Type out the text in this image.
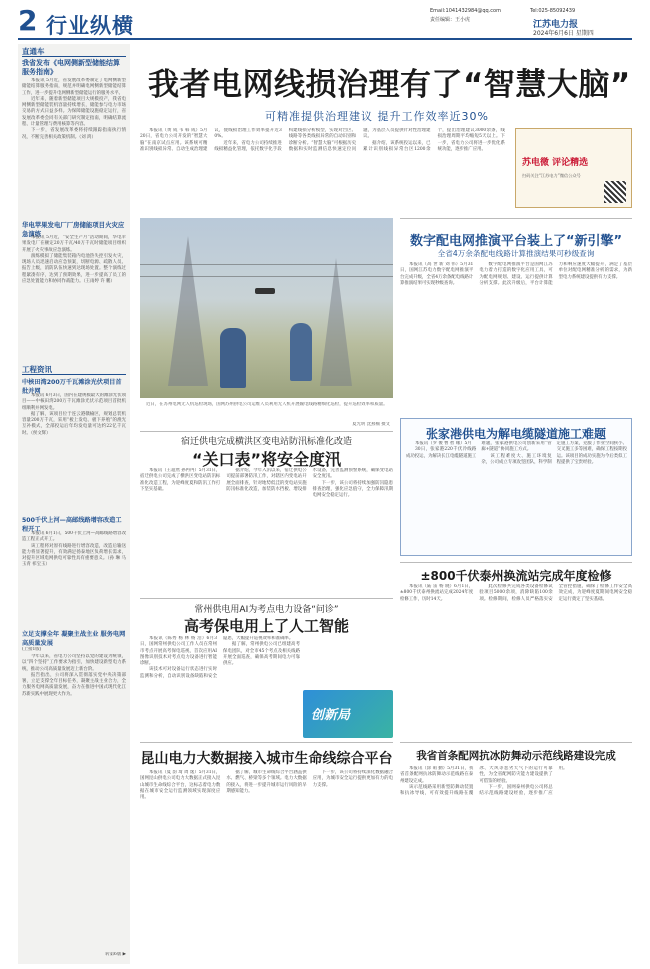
2 行业纵横
Email:1041432984@qq.com	Tel:025-85092439
责任编辑：王小虎	江苏电力报
2024年6月6日 星期四
直通车
我省发布《电网侧新型储能结算服务指南》

本报讯 5月近，省发展改革委制定了电网侧新型储能结算服务指南，规范并明确电网侧新型储能结算工作，进一步提升电网侧新型储能运行的服务水平。

近年来，随着新型储能项目大规模投产，我省电网侧新型储能装机容量持续增长，储能参与电力市场交易的方式日益多样。为保障储能设施稳定运行，省发展改革委会同有关部门研究制定指南，明确结算流程、计量管理与费用核算等内容。

下一步，省发展改革委将持续跟踪指南执行情况，不断完善相关政策机制。（刘 鸿）

华电苹果发电厂厂房储能项目火灾应急演练

本报讯 5月近，“安全生产月”活动期间，华电苹果发电厂在额定20万千瓦/40万千瓦时储能项目组织开展了火灾事故应急演练。

演练模拟了储能集装箱内电池热失控引发火灾，现场人员迅速启动应急预案，切断电源、疏散人员、报告上级，消防队伍快速到达现场处置。整个演练过程紧凑有序，达到了预期效果，进一步提高了员工的应急处置能力和协同作战能力。（王雨婷 许 鹏）

工程资讯
中核田湾200万千瓦滩涂光伏项目首批并网

本报讯 6月3日，国内在建规模最大的滩涂光伏项目——中核田湾200万千瓦滩涂光伏示范项目首批机组顺利并网发电。

据了解，该项目位于连云港赣榆区，规划总装机容量200万千瓦，采用“板上发电、板下养殖”的渔光互补模式，全部投运后年均发电量可达约22亿千瓦时。（侯文辉）

500千伏上河—高邮线路增容改造工程开工

本报讯 6月1日，500千伏上河—高邮线路增容改造工程正式开工。

该工程将对原有线路进行增容改造，改造后输送能力将显著提升，有效满足扬泰地区负荷增长需求，对提升区域电网供电可靠性具有重要意义。（孙 琳 马玉青 祁宝玉）

立足支撑全年 凝聚主战主业 服务电网高质量发展
(上接1版)

今年以来，省电力公司坚持以党的建设为统领，以“四个坚持”工作要求为指引，加快建设新型电力系统，推动公司高质量发展迈上新台阶。

报告指出，公司将深入贯彻落实党中央决策部署，立足支撑全年目标任务，凝聚主战主业合力，全力服务电网高质量发展，奋力在推进中国式现代化江苏新实践中展现更大作为。

转第6版 ▶
我者电网线损治理有了“智慧大脑”
可精准提供治理建议 提升工作效率近30%

本报讯（黄 成 韦 韩 成）5月20日，省电力公司开发的“智慧大脑”在南京试点应用。该系统可精准识别线损异常、自动生成治理建议，使线损治理工作效率提升近30%。

近年来，省电力公司持续推进线损精益化管理，依托数字化手段构建线损分析模型，实现对台区、线路等各类线损异常的自动识别和诊断分析。“智慧大脑”可根据历史数据和实时监测信息快速定位问题，为基层人员提供针对性治理建议。

据介绍，该系统投运以来，已累计识别线损异常台区1200余个，提出治理建议3000余条，线损治理周期平均缩短5天以上。下一步，省电力公司将进一步优化系统功能，逐步推广应用。

苏电微 评论精选
扫码关注“江苏电力”微信公众号
数字配电网推演平台装上了“新引擎”
全省4万余条配电线路计算推演结果可秒级查询

本报讯（高 世 新 刘 伟）5月31日，国网江苏电力数字配电网推演平台完成升级，全省4万余条配电线路计算推演结果可实现秒级查询。

数字配电网推演平台是国网江苏电力着力打造的数字化应用工具，可为配电网规划、建设、运行提供计算分析支撑。此次升级后，平台计算能力和响应速度大幅提升，满足了基层单位对配电网精准分析的需求，为新型电力系统建设提供有力支撑。

近日，在苏州电网无人机巡检现场，国网苏州供电公司运维人员利用无人机开展输电线路精细化巡检，提升巡检效率和质量。
夏光明 沈燕楠 摄文
宿迁供电完成横洪区变电站防汛标准化改造
“关口表”将安全度汛

本报讯（王超然 孙冉冉）5月31日，宿迁供电公司完成了横洪区变电站防汛标准化改造工程，为迎峰度夏和防汛工作打下坚实基础。

据介绍，今年入汛以来，宿迁供电公司提前部署防汛工作，对辖区内变电站开展全面排查，针对地势低洼的变电站实施防汛标准化改造，加装防水挡板、增设排水设备，完善监测预警系统，确保变电站安全度汛。

下一步，该公司将持续加强防汛隐患排查治理，强化应急值守，全力保障汛期电网安全稳定运行。

张家港供电为解电缆隧道施工难题

本报讯（罗 俊 曹 智 缘）5月

30日，张家港220千伏冷线路成功投运，为解决长江电缆隧道施工难题，张家港供电公司创新采用“管廊+隧道”协同施工方式。

该工程难度大、施工环境复杂，公司成立专项攻坚团队，科学制定施工方案，克服了作业空间狭小、交叉施工多等困难，确保工程按期投运。该项目的成功实施为今后类似工程提供了宝贵经验。

常州供电用AI为考点电力设备“问诊”
高考保电用上了人工智能

本报讯（陈秀 杨 林 杨 浩）6月3日，国网常州供电公司工作人员在常州市考点开展高考保电巡视，首次应用AI图像识别技术对考点电力设备进行智能诊断。

该技术可对设备运行状态进行实时监测和分析，自动识别设备缺陷和安全隐患，大幅提升巡视效率和准确率。

据了解，常州供电公司已组建高考保电团队，对全市45个考点及相关线路开展全面巡查，确保高考期间电力可靠供应。

创新局
±800千伏泰州换流站完成年度检修

本报讯（陆 雷 杨 晓）6月1日，±800千伏泰州换流站完成2024年度检修工作，历时14天。

此次检修共完成各类设备检修试验项目5000余项，消除缺陷100余项。检修期间，检修人员严格落实安全管控措施，确保了检修工作安全高效完成，为迎峰度夏期间电网安全稳定运行奠定了坚实基础。

昆山电力大数据接入城市生命线综合平台

本报讯（夏 韵 琦 周 逸）5月31日，国网昆山供电公司电力大数据正式接入昆山城市生命线综合平台，这标志着电力数据在城市安全运行监测领域实现深度应用。

据了解，城市生命线综合平台涵盖供水、燃气、桥梁等多个领域。电力大数据的接入，将进一步提升城市运行风险的早期感知能力。

下一步，该公司将持续深化数据融合应用，为城市安全运行提供更加有力的电力支撑。

我省首条配网抗冰防舞动示范线路建设完成

本报讯（涂 萌 勤）5月31日，我省首条配网抗冰防舞动示范线路在泰州建设完成。

该示范线路采用新型防舞动装置和抗冰导线，可有效提升线路在覆冰、大风等恶劣天气下的运行可靠性，为全省配网防灾能力建设提供了可借鉴的经验。

下一步，国网泰州供电公司将总结示范线路建设经验，逐步推广应用。
